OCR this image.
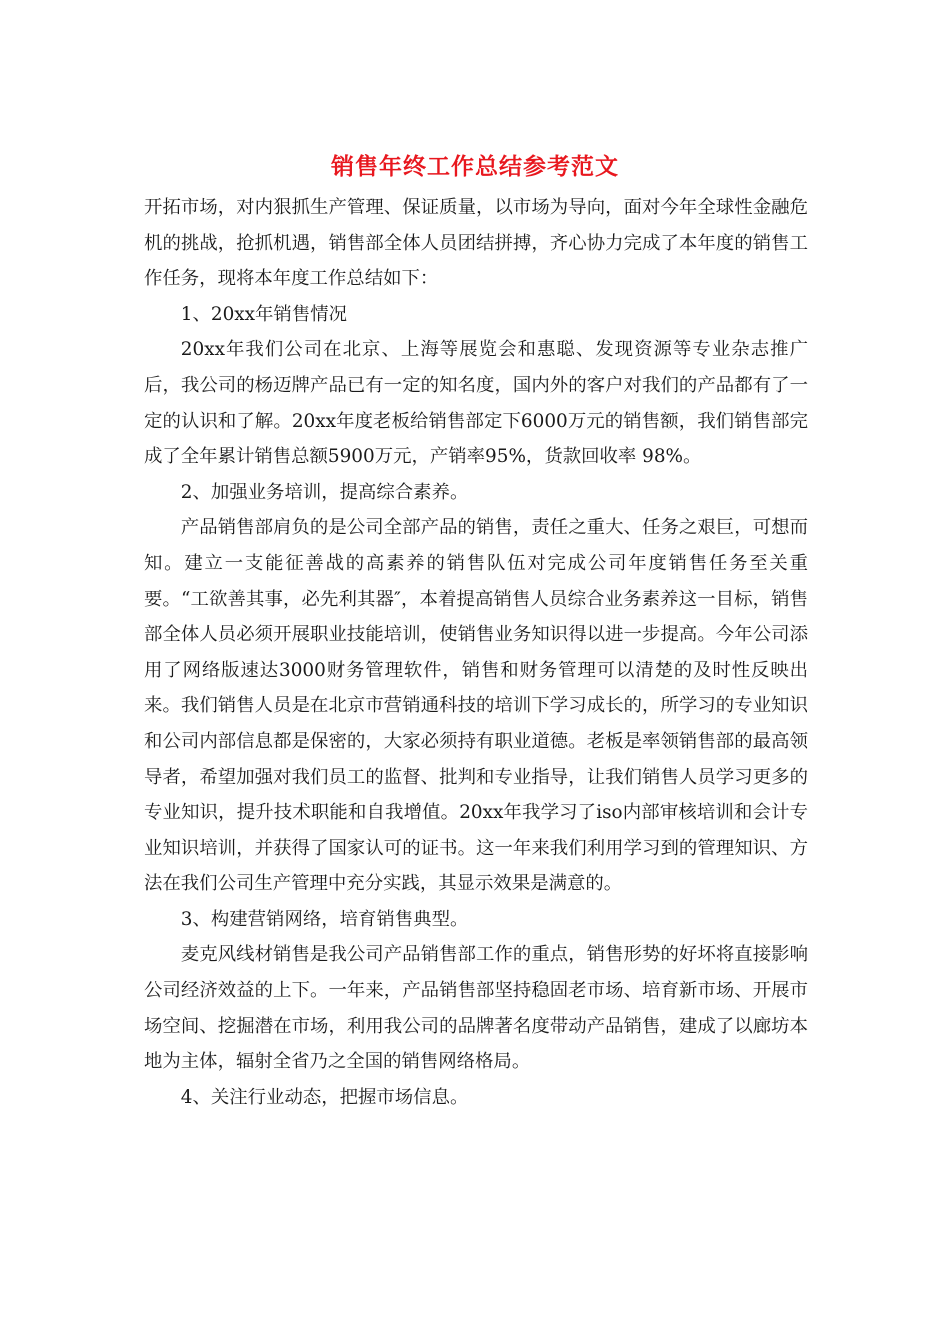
销售年终工作总结参考范文

开拓市场，对内狠抓生产管理、保证质量，以市场为导向，面对今年全球性金融危机的挑战，抢抓机遇，销售部全体人员团结拼搏，齐心协力完成了本年度的销售工作任务，现将本年度工作总结如下：

1、20xx年销售情况

20xx年我们公司在北京、上海等展览会和惠聪、发现资源等专业杂志推广后，我公司的杨迈牌产品已有一定的知名度，国内外的客户对我们的产品都有了一定的认识和了解。20xx年度老板给销售部定下6000万元的销售额，我们销售部完成了全年累计销售总额5900万元，产销率95%，货款回收率 98%。

2、加强业务培训，提高综合素养。

产品销售部肩负的是公司全部产品的销售，责任之重大、任务之艰巨，可想而知。建立一支能征善战的高素养的销售队伍对完成公司年度销售任务至关重要。“工欲善其事，必先利其器″，本着提高销售人员综合业务素养这一目标，销售部全体人员必须开展职业技能培训，使销售业务知识得以进一步提高。今年公司添用了网络版速达3000财务管理软件，销售和财务管理可以清楚的及时性反映出来。我们销售人员是在北京市营销通科技的培训下学习成长的，所学习的专业知识和公司内部信息都是保密的，大家必须持有职业道德。老板是率领销售部的最高领导者，希望加强对我们员工的监督、批判和专业指导，让我们销售人员学习更多的专业知识，提升技术职能和自我增值。20xx年我学习了iso内部审核培训和会计专业知识培训，并获得了国家认可的证书。这一年来我们利用学习到的管理知识、方法在我们公司生产管理中充分实践，其显示效果是满意的。

3、构建营销网络，培育销售典型。

麦克风线材销售是我公司产品销售部工作的重点，销售形势的好坏将直接影响公司经济效益的上下。一年来，产品销售部坚持稳固老市场、培育新市场、开展市场空间、挖掘潜在市场，利用我公司的品牌著名度带动产品销售，建成了以廊坊本地为主体，辐射全省乃之全国的销售网络格局。

4、关注行业动态，把握市场信息。
